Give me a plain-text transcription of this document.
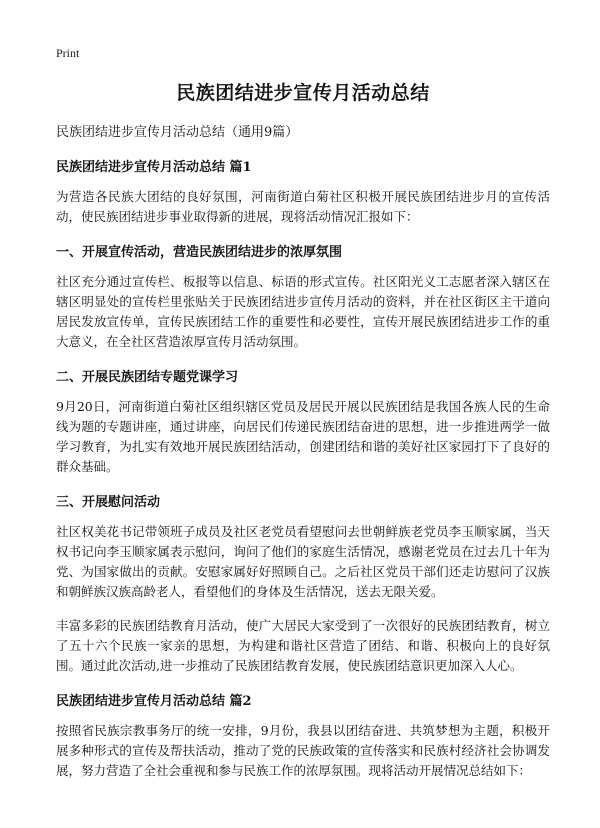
Print
民族团结进步宣传月活动总结

民族团结进步宣传月活动总结（通用9篇）

民族团结进步宣传月活动总结 篇1

为营造各民族大团结的良好氛围，河南街道白菊社区积极开展民族团结进步月的宣传活动，使民族团结进步事业取得新的进展，现将活动情况汇报如下：

一、开展宣传活动，营造民族团结进步的浓厚氛围

社区充分通过宣传栏、板报等以信息、标语的形式宣传。社区阳光义工志愿者深入辖区在辖区明显处的宣传栏里张贴关于民族团结进步宣传月活动的资料，并在社区街区主干道向居民发放宣传单，宣传民族团结工作的重要性和必要性，宣传开展民族团结进步工作的重大意义，在全社区营造浓厚宣传月活动氛围。

二、开展民族团结专题党课学习

9月20日，河南街道白菊社区组织辖区党员及居民开展以民族团结是我国各族人民的生命线为题的专题讲座，通过讲座，向居民们传递民族团结奋进的思想，进一步推进两学一做学习教育，为扎实有效地开展民族团结活动，创建团结和谐的美好社区家园打下了良好的群众基础。

三、开展慰问活动

社区权美花书记带领班子成员及社区老党员看望慰问去世朝鲜族老党员李玉顺家属，当天权书记向李玉顺家属表示慰问，询问了他们的家庭生活情况，感谢老党员在过去几十年为党、为国家做出的贡献。安慰家属好好照顾自己。之后社区党员干部们还走访慰问了汉族和朝鲜族汉族高龄老人，看望他们的身体及生活情况，送去无限关爱。

丰富多彩的民族团结教育月活动，使广大居民大家受到了一次很好的民族团结教育，树立了五十六个民族一家亲的思想，为构建和谐社区营造了团结、和谐、积极向上的良好氛围。通过此次活动,进一步推动了民族团结教育发展，使民族团结意识更加深入人心。

民族团结进步宣传月活动总结 篇2

按照省民族宗教事务厅的统一安排，9月份，我县以团结奋进、共筑梦想为主题，积极开展多种形式的宣传及帮扶活动，推动了党的民族政策的宣传落实和民族村经济社会协调发展，努力营造了全社会重视和参与民族工作的浓厚氛围。现将活动开展情况总结如下：
